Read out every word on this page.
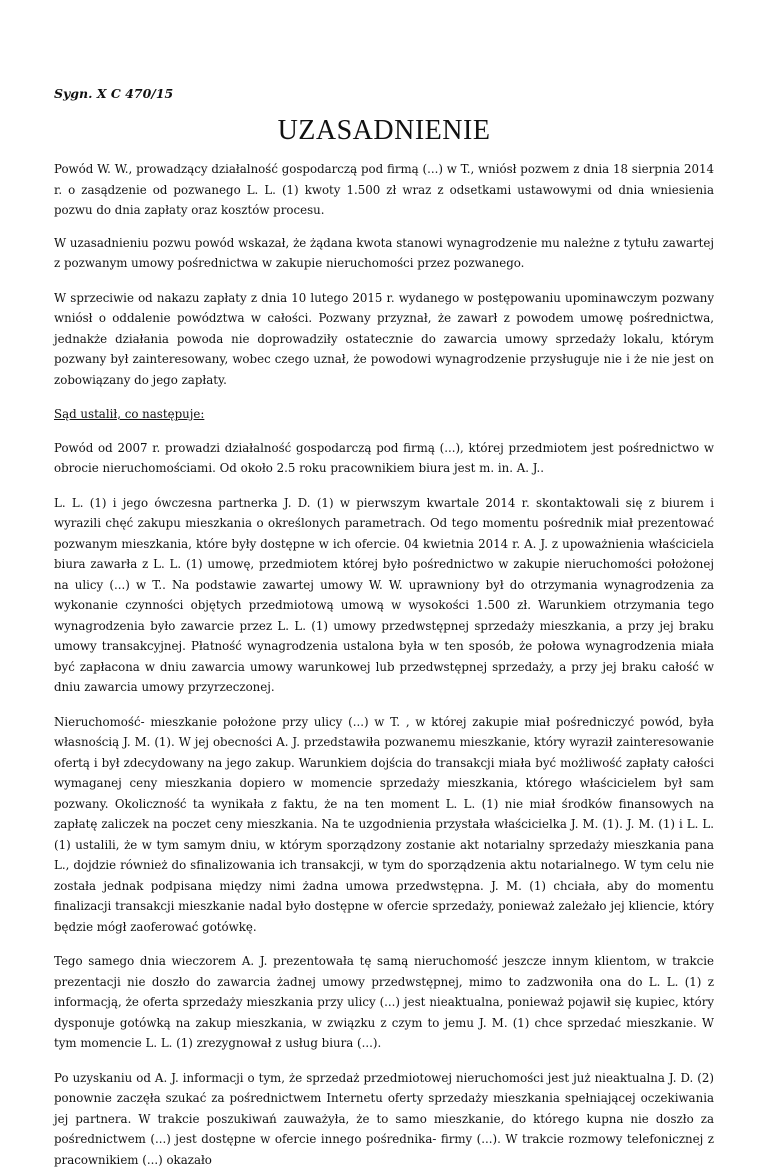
Sygn. X C 470/15
UZASADNIENIE

Powód W. W., prowadzący działalność gospodarczą pod firmą (...) w T., wniósł pozwem z dnia 18 sierpnia 2014 r. o zasądzenie od pozwanego L. L. (1) kwoty 1.500 zł wraz z odsetkami ustawowymi od dnia wniesienia pozwu do dnia zapłaty oraz kosztów procesu.

W uzasadnieniu pozwu powód wskazał, że żądana kwota stanowi wynagrodzenie mu należne z tytułu zawartej z pozwanym umowy pośrednictwa w zakupie nieruchomości przez pozwanego.

W sprzeciwie od nakazu zapłaty z dnia 10 lutego 2015 r. wydanego w postępowaniu upominawczym pozwany wniósł o oddalenie powództwa w całości. Pozwany przyznał, że zawarł z powodem umowę pośrednictwa, jednakże działania powoda nie doprowadziły ostatecznie do zawarcia umowy sprzedaży lokalu, którym pozwany był zainteresowany, wobec czego uznał, że powodowi wynagrodzenie przysługuje nie i że nie jest on zobowiązany do jego zapłaty.

Sąd ustalił, co następuje:

Powód od 2007 r. prowadzi działalność gospodarczą pod firmą (...), której przedmiotem jest pośrednictwo w obrocie nieruchomościami. Od około 2.5 roku pracownikiem biura jest m. in. A. J..

L. L. (1) i jego ówczesna partnerka J. D. (1) w pierwszym kwartale 2014 r. skontaktowali się z biurem i wyrazili chęć zakupu mieszkania o określonych parametrach. Od tego momentu pośrednik miał prezentować pozwanym mieszkania, które były dostępne w ich ofercie. 04 kwietnia 2014 r. A. J. z upoważnienia właściciela biura zawarła z L. L. (1) umowę, przedmiotem której było pośrednictwo w zakupie nieruchomości położonej na ulicy (...) w T.. Na podstawie zawartej umowy W. W. uprawniony był do otrzymania wynagrodzenia za wykonanie czynności objętych przedmiotową umową w wysokości 1.500 zł. Warunkiem otrzymania tego wynagrodzenia było zawarcie przez L. L. (1) umowy przedwstępnej sprzedaży mieszkania, a przy jej braku umowy transakcyjnej. Płatność wynagrodzenia ustalona była w ten sposób, że połowa wynagrodzenia miała być zapłacona w dniu zawarcia umowy warunkowej lub przedwstępnej sprzedaży, a przy jej braku całość w dniu zawarcia umowy przyrzeczonej.

Nieruchomość- mieszkanie położone przy ulicy (...) w T. , w której zakupie miał pośredniczyć powód, była własnością J. M. (1). W jej obecności A. J. przedstawiła pozwanemu mieszkanie, który wyraził zainteresowanie ofertą i był zdecydowany na jego zakup. Warunkiem dojścia do transakcji miała być możliwość zapłaty całości wymaganej ceny mieszkania dopiero w momencie sprzedaży mieszkania, którego właścicielem był sam pozwany. Okoliczność ta wynikała z faktu, że na ten moment L. L. (1) nie miał środków finansowych na zapłatę zaliczek na poczet ceny mieszkania. Na te uzgodnienia przystała właścicielka J. M. (1). J. M. (1) i L. L. (1) ustalili, że w tym samym dniu, w którym sporządzony zostanie akt notarialny sprzedaży mieszkania pana L., dojdzie również do sfinalizowania ich transakcji, w tym do sporządzenia aktu notarialnego. W tym celu nie została jednak podpisana między nimi żadna umowa przedwstępna. J. M. (1) chciała, aby do momentu finalizacji transakcji mieszkanie nadal było dostępne w ofercie sprzedaży, ponieważ zależało jej kliencie, który będzie mógł zaoferować gotówkę.

Tego samego dnia wieczorem A. J. prezentowała tę samą nieruchomość jeszcze innym klientom, w trakcie prezentacji nie doszło do zawarcia żadnej umowy przedwstępnej, mimo to zadzwoniła ona do L. L. (1) z informacją, że oferta sprzedaży mieszkania przy ulicy (...) jest nieaktualna, ponieważ pojawił się kupiec, który dysponuje gotówką na zakup mieszkania, w związku z czym to jemu J. M. (1) chce sprzedać mieszkanie. W tym momencie L. L. (1) zrezygnował z usług biura (...).

Po uzyskaniu od A. J. informacji o tym, że sprzedaż przedmiotowej nieruchomości jest już nieaktualna J. D. (2) ponownie zaczęła szukać za pośrednictwem Internetu oferty sprzedaży mieszkania spełniającej oczekiwania jej partnera. W trakcie poszukiwań zauważyła, że to samo mieszkanie, do którego kupna nie doszło za pośrednictwem (...) jest dostępne w ofercie innego pośrednika- firmy (...). W trakcie rozmowy telefonicznej z pracownikiem (...) okazało
